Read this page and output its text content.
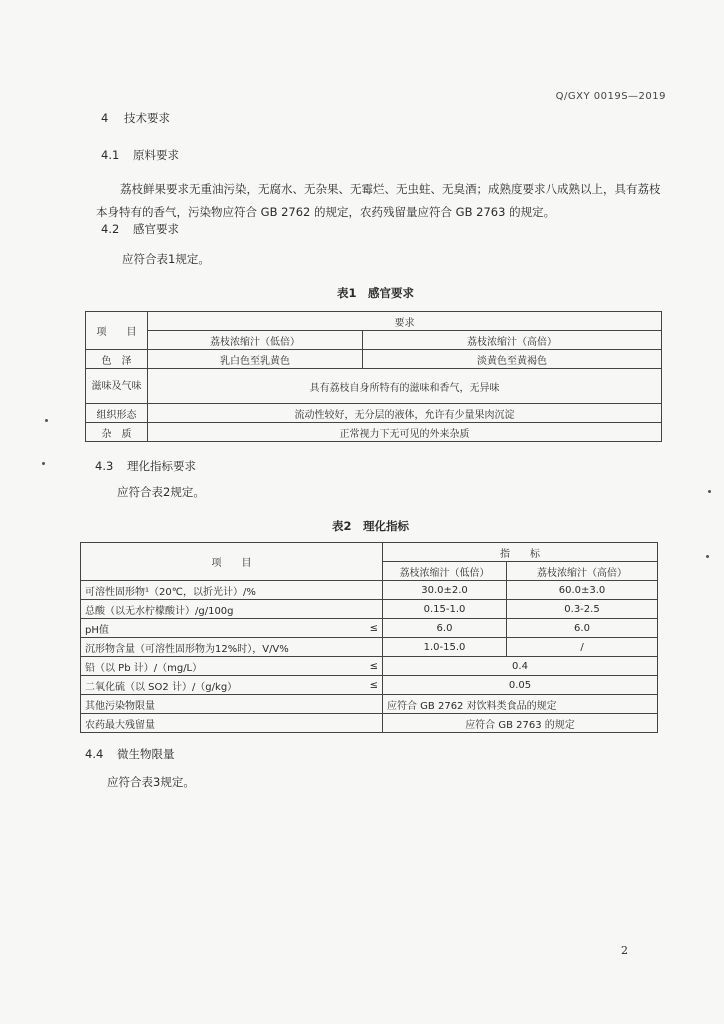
Q/GXY 0019S—2019
4 技术要求
4.1 原料要求
荔枝鲜果要求无重油污染，无腐水、无杂果、无霉烂、无虫蛀、无臭酒；成熟度要求八成熟以上，具有荔枝本身特有的香气，污染物应符合 GB 2762 的规定，农药残留量应符合 GB 2763 的规定。
4.2 感官要求
应符合表1规定。
表1　感官要求
项　　目	要求	
	荔枝浓缩汁（低倍）	荔枝浓缩汁（高倍）
色　泽	乳白色至乳黄色	淡黄色至黄褐色
滋味及气味	具有荔枝自身所特有的滋味和香气，无异味	
组织形态	流动性较好，无分层的液体，允许有少量果肉沉淀	
杂　质	正常视力下无可见的外来杂质	
4.3 理化指标要求
应符合表2规定。
表2　理化指标
项　　目		指　　标	
		荔枝浓缩汁（低倍）	荔枝浓缩汁（高倍）
可溶性固形物¹（20℃，以折光计）/%		30.0±2.0	60.0±3.0
总酸（以无水柠檬酸计）/g/100g		0.15-1.0	0.3-2.5
pH值	≤	6.0	6.0
沉形物含量（可溶性固形物为12%时），V/V%		1.0-15.0	/
铅（以 Pb 计）/（mg/L）	≤	0.4	
二氧化硫（以 SO2 计）/（g/kg）	≤	0.05	
其他污染物限量		应符合 GB 2762 对饮料类食品的规定	
农药最大残留量		应符合 GB 2763 的规定	
4.4 微生物限量
应符合表3规定。
2
